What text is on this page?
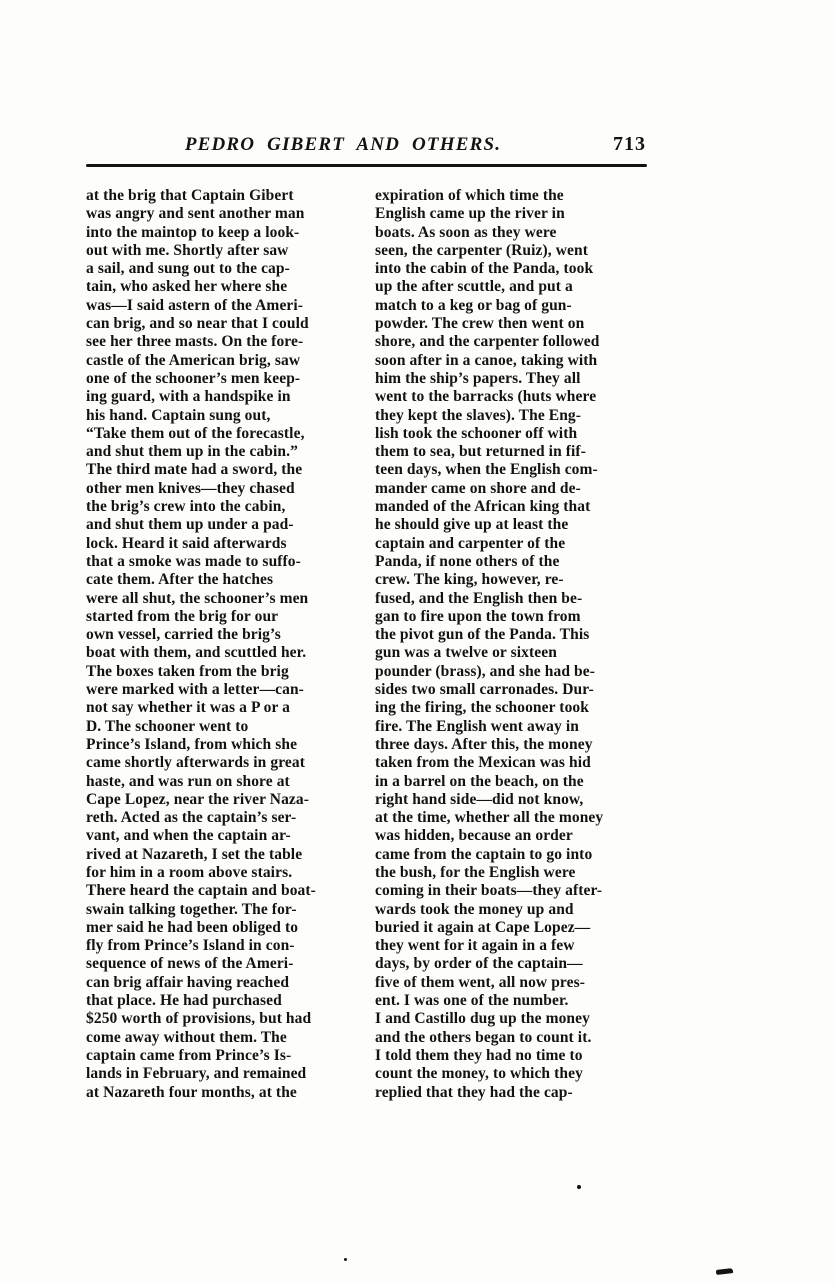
PEDRO GIBERT AND OTHERS.	713
at the brig that Captain Gibert
was angry and sent another man
into the maintop to keep a look-
out with me. Shortly after saw
a sail, and sung out to the cap-
tain, who asked her where she
was—I said astern of the Ameri-
can brig, and so near that I could
see her three masts. On the fore-
castle of the American brig, saw
one of the schooner’s men keep-
ing guard, with a handspike in
his hand. Captain sung out,
“Take them out of the forecastle,
and shut them up in the cabin.”
The third mate had a sword, the
other men knives—they chased
the brig’s crew into the cabin,
and shut them up under a pad-
lock. Heard it said afterwards
that a smoke was made to suffo-
cate them. After the hatches
were all shut, the schooner’s men
started from the brig for our
own vessel, carried the brig’s
boat with them, and scuttled her.
The boxes taken from the brig
were marked with a letter—can-
not say whether it was a P or a
D. The schooner went to
Prince’s Island, from which she
came shortly afterwards in great
haste, and was run on shore at
Cape Lopez, near the river Naza-
reth. Acted as the captain’s ser-
vant, and when the captain ar-
rived at Nazareth, I set the table
for him in a room above stairs.
There heard the captain and boat-
swain talking together. The for-
mer said he had been obliged to
fly from Prince’s Island in con-
sequence of news of the Ameri-
can brig affair having reached
that place. He had purchased
$250 worth of provisions, but had
come away without them. The
captain came from Prince’s Is-
lands in February, and remained
at Nazareth four months, at the
expiration of which time the
English came up the river in
boats. As soon as they were
seen, the carpenter (Ruiz), went
into the cabin of the Panda, took
up the after scuttle, and put a
match to a keg or bag of gun-
powder. The crew then went on
shore, and the carpenter followed
soon after in a canoe, taking with
him the ship’s papers. They all
went to the barracks (huts where
they kept the slaves). The Eng-
lish took the schooner off with
them to sea, but returned in fif-
teen days, when the English com-
mander came on shore and de-
manded of the African king that
he should give up at least the
captain and carpenter of the
Panda, if none others of the
crew. The king, however, re-
fused, and the English then be-
gan to fire upon the town from
the pivot gun of the Panda. This
gun was a twelve or sixteen
pounder (brass), and she had be-
sides two small carronades. Dur-
ing the firing, the schooner took
fire. The English went away in
three days. After this, the money
taken from the Mexican was hid
in a barrel on the beach, on the
right hand side—did not know,
at the time, whether all the money
was hidden, because an order
came from the captain to go into
the bush, for the English were
coming in their boats—they after-
wards took the money up and
buried it again at Cape Lopez—
they went for it again in a few
days, by order of the captain—
five of them went, all now pres-
ent. I was one of the number.
I and Castillo dug up the money
and the others began to count it.
I told them they had no time to
count the money, to which they
replied that they had the cap-
